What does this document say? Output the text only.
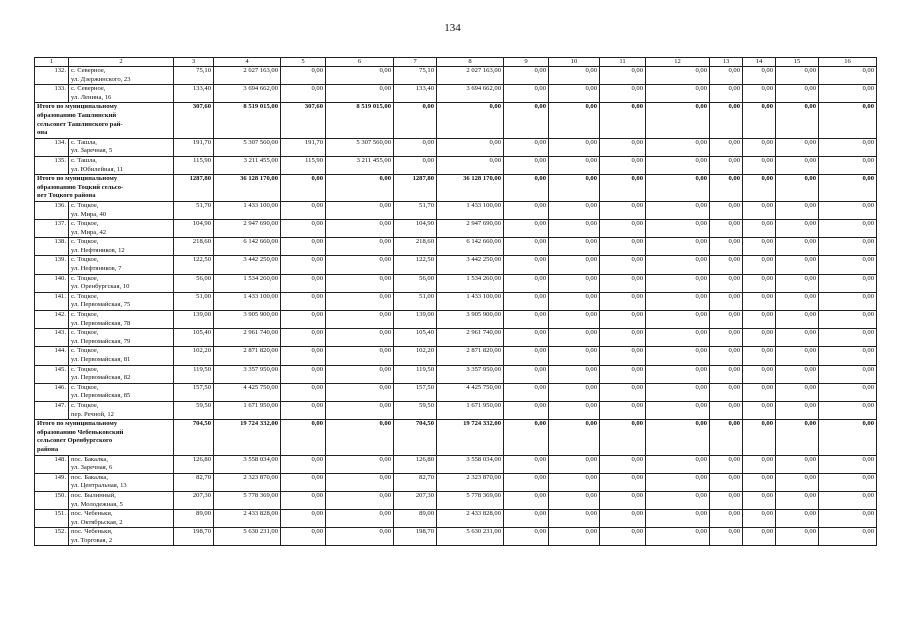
134
1	2	3	4	5	6	7	8	9	10	11	12	13	14	15	16
132.	с. Северное,
ул. Дзержинского, 23	75,10	2 027 163,00	0,00	0,00	75,10	2 027 163,00	0,00	0,00	0,00	0,00	0,00	0,00	0,00	0,00
133.	с. Северное,
ул. Ленина, 16	133,40	3 694 662,00	0,00	0,00	133,40	3 694 662,00	0,00	0,00	0,00	0,00	0,00	0,00	0,00	0,00

Итого по муниципальному
образованию Ташлинский
сельсовет Ташлинского рай-
она		307,60	8 519 015,00	307,60	8 519 015,00	0,00	0,00	0,00	0,00	0,00	0,00	0,00	0,00	0,00	0,00
134.	с. Ташла,
ул. Заречная, 5	191,70	5 307 560,00	191,70	5 307 560,00	0,00	0,00	0,00	0,00	0,00	0,00	0,00	0,00	0,00	0,00
135.	с. Ташла,
ул. Юбилейная, 11	115,90	3 211 455,00	115,90	3 211 455,00	0,00	0,00	0,00	0,00	0,00	0,00	0,00	0,00	0,00	0,00

Итого по муниципальному
образованию Тоцкий сельсо-
вет Тоцкого района		1287,80	36 128 170,00	0,00	0,00	1287,80	36 128 170,00	0,00	0,00	0,00	0,00	0,00	0,00	0,00	0,00
136.	с. Тоцкое,
ул. Мира, 40	51,70	1 433 100,00	0,00	0,00	51,70	1 433 100,00	0,00	0,00	0,00	0,00	0,00	0,00	0,00	0,00
137.	с. Тоцкое,
ул. Мира, 42	104,90	2 947 690,00	0,00	0,00	104,90	2 947 690,00	0,00	0,00	0,00	0,00	0,00	0,00	0,00	0,00
138.	с. Тоцкое,
ул. Нефтяников, 12	218,60	6 142 660,00	0,00	0,00	218,60	6 142 660,00	0,00	0,00	0,00	0,00	0,00	0,00	0,00	0,00
139.	с. Тоцкое,
ул. Нефтяников, 7	122,50	3 442 250,00	0,00	0,00	122,50	3 442 250,00	0,00	0,00	0,00	0,00	0,00	0,00	0,00	0,00
140.	с. Тоцкое,
ул. Оренбургская, 10	56,00	1 534 260,00	0,00	0,00	56,00	1 534 260,00	0,00	0,00	0,00	0,00	0,00	0,00	0,00	0,00
141.	с. Тоцкое,
ул. Первомайская, 75	51,00	1 433 100,00	0,00	0,00	51,00	1 433 100,00	0,00	0,00	0,00	0,00	0,00	0,00	0,00	0,00
142.	с. Тоцкое,
ул. Первомайская, 78	139,00	3 905 900,00	0,00	0,00	139,00	3 905 900,00	0,00	0,00	0,00	0,00	0,00	0,00	0,00	0,00
143.	с. Тоцкое,
ул. Первомайская, 79	105,40	2 961 740,00	0,00	0,00	105,40	2 961 740,00	0,00	0,00	0,00	0,00	0,00	0,00	0,00	0,00
144.	с. Тоцкое,
ул. Первомайская, 81	102,20	2 871 820,00	0,00	0,00	102,20	2 871 820,00	0,00	0,00	0,00	0,00	0,00	0,00	0,00	0,00
145.	с. Тоцкое,
ул. Первомайская, 82	119,50	3 357 950,00	0,00	0,00	119,50	3 357 950,00	0,00	0,00	0,00	0,00	0,00	0,00	0,00	0,00
146.	с. Тоцкое,
ул. Первомайская, 85	157,50	4 425 750,00	0,00	0,00	157,50	4 425 750,00	0,00	0,00	0,00	0,00	0,00	0,00	0,00	0,00
147.	с. Тоцкое,
пер. Речной, 12	59,50	1 671 950,00	0,00	0,00	59,50	1 671 950,00	0,00	0,00	0,00	0,00	0,00	0,00	0,00	0,00

Итого по муниципальному
образованию Чебеньковский
сельсовет Оренбургского
района		704,50	19 724 332,00	0,00	0,00	704,50	19 724 332,00	0,00	0,00	0,00	0,00	0,00	0,00	0,00	0,00
148.	пос. Бакалка,
ул. Заречная, 6	126,80	3 558 034,00	0,00	0,00	126,80	3 558 034,00	0,00	0,00	0,00	0,00	0,00	0,00	0,00	0,00
149.	пос. Бакалка,
ул. Центральная, 13	82,70	2 323 870,00	0,00	0,00	82,70	2 323 870,00	0,00	0,00	0,00	0,00	0,00	0,00	0,00	0,00
150.	пос. Былинный,
ул. Молодежная, 5	207,30	5 778 369,00	0,00	0,00	207,30	5 778 369,00	0,00	0,00	0,00	0,00	0,00	0,00	0,00	0,00
151.	пос. Чебеньки,
ул. Октябрьская, 2	89,00	2 433 828,00	0,00	0,00	89,00	2 433 828,00	0,00	0,00	0,00	0,00	0,00	0,00	0,00	0,00
152.	пос. Чебеньки,
ул. Торговая, 2	198,70	5 630 231,00	0,00	0,00	198,70	5 630 231,00	0,00	0,00	0,00	0,00	0,00	0,00	0,00	0,00
